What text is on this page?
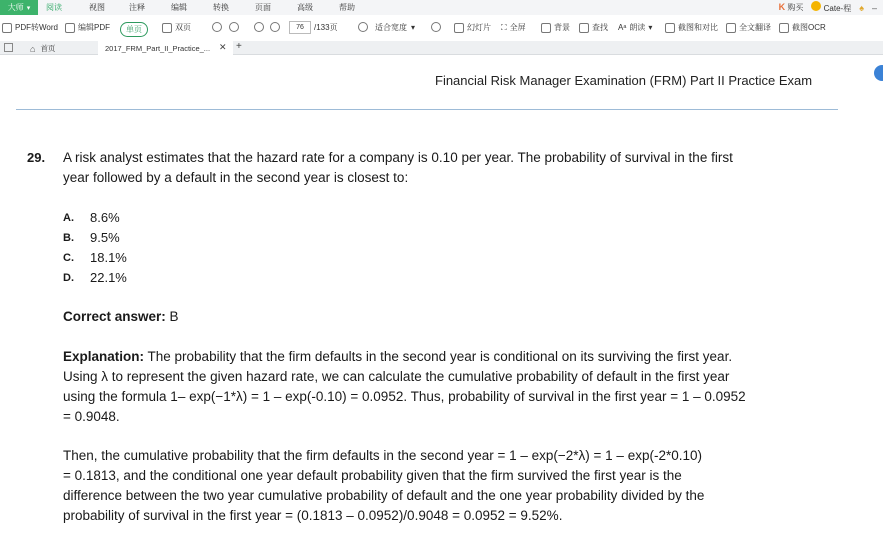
大师 ▾ 阅读	视图	注释	编辑	转换	页面	高级	帮助	K 购买	Cate-程 ♠ –
PDF转Word	编辑PDF	单页	双页	76	/133页	适合宽度 ▾	幻灯片 ⛶ 全屏	背景	查找 Aᵃ 朗读 ▾	截图和对比	全文翻译	截图OCR
⌂ 首页	2017_FRM_Part_II_Practice_... ✕ +
Financial Risk Manager Examination (FRM) Part II Practice Exam
29. A risk analyst estimates that the hazard rate for a company is 0.10 per year. The probability of survival in the first
year followed by a default in the second year is closest to:
A.	8.6%
B.	9.5%
C.	18.1%
D.	22.1%
Correct answer: B
Explanation: The probability that the firm defaults in the second year is conditional on its surviving the first year.
Using λ to represent the given hazard rate, we can calculate the cumulative probability of default in the first year
using the formula 1– exp(−1*λ) = 1 – exp(-0.10) = 0.0952. Thus, probability of survival in the first year = 1 – 0.0952
= 0.9048.
Then, the cumulative probability that the firm defaults in the second year = 1 – exp(−2*λ) = 1 – exp(-2*0.10)
= 0.1813, and the conditional one year default probability given that the firm survived the first year is the
difference between the two year cumulative probability of default and the one year probability divided by the
probability of survival in the first year = (0.1813 – 0.0952)/0.9048 = 0.0952 = 9.52%.
